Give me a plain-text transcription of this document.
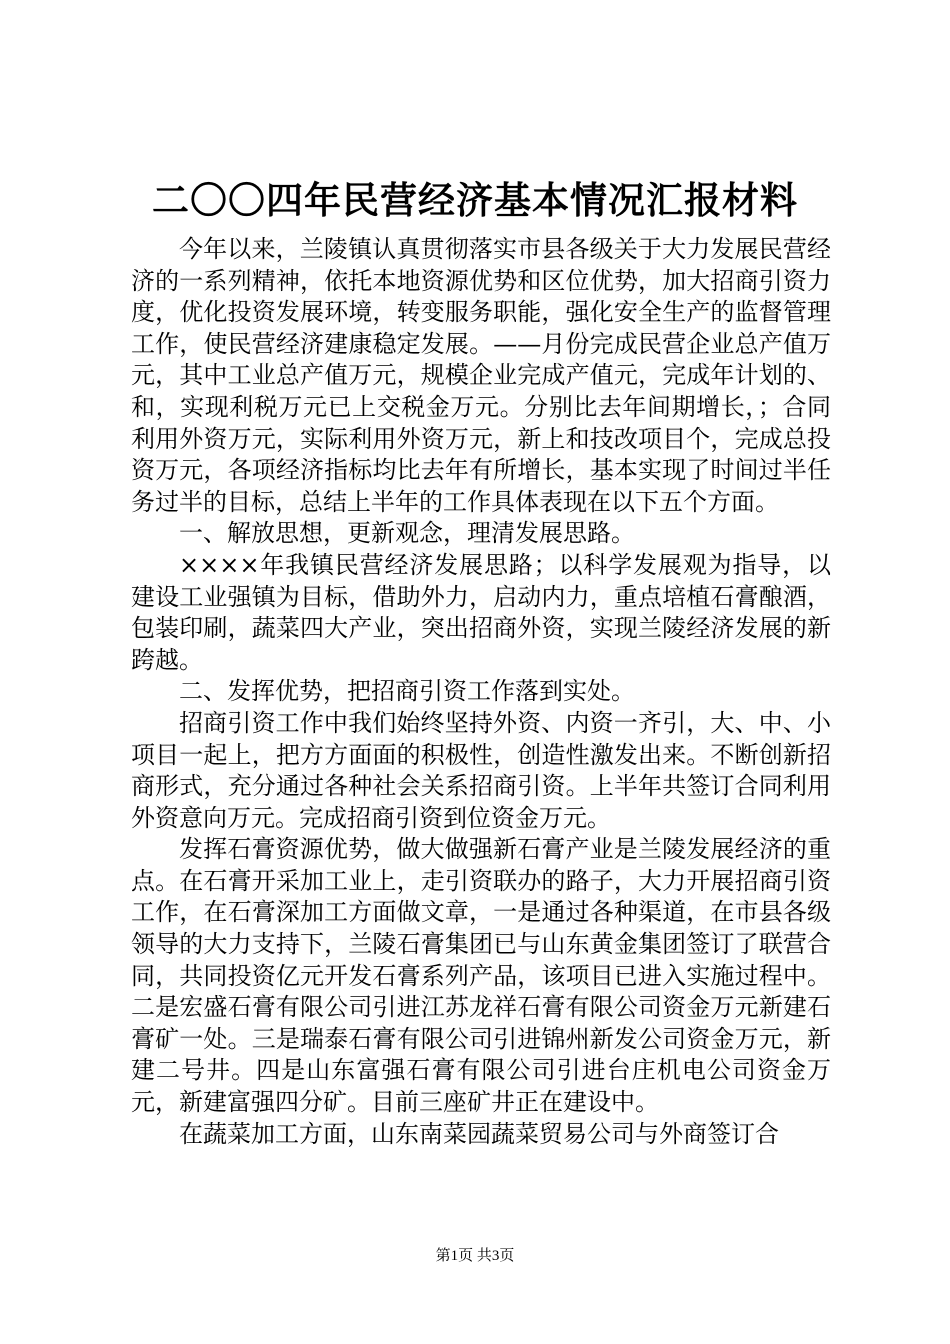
二〇〇四年民营经济基本情况汇报材料

今年以来，兰陵镇认真贯彻落实市县各级关于大力发展民营经济的一系列精神，依托本地资源优势和区位优势，加大招商引资力度，优化投资发展环境，转变服务职能，强化安全生产的监督管理工作，使民营经济建康稳定发展。——月份完成民营企业总产值万元，其中工业总产值万元，规模企业完成产值元，完成年计划的、和，实现利税万元已上交税金万元。分别比去年间期增长，；合同利用外资万元，实际利用外资万元，新上和技改项目个，完成总投资万元，各项经济指标均比去年有所增长，基本实现了时间过半任务过半的目标，总结上半年的工作具体表现在以下五个方面。

一、解放思想，更新观念，理清发展思路。

××××年我镇民营经济发展思路；以科学发展观为指导，以建设工业强镇为目标，借助外力，启动内力，重点培植石膏酿酒，包装印刷，蔬菜四大产业，突出招商外资，实现兰陵经济发展的新跨越。

二、发挥优势，把招商引资工作落到实处。

招商引资工作中我们始终坚持外资、内资一齐引，大、中、小项目一起上，把方方面面的积极性，创造性激发出来。不断创新招商形式，充分通过各种社会关系招商引资。上半年共签订合同利用外资意向万元。完成招商引资到位资金万元。

发挥石膏资源优势，做大做强新石膏产业是兰陵发展经济的重点。在石膏开采加工业上，走引资联办的路子，大力开展招商引资工作，在石膏深加工方面做文章，一是通过各种渠道，在市县各级领导的大力支持下，兰陵石膏集团已与山东黄金集团签订了联营合同，共同投资亿元开发石膏系列产品，该项目已进入实施过程中。二是宏盛石膏有限公司引进江苏龙祥石膏有限公司资金万元新建石膏矿一处。三是瑞泰石膏有限公司引进锦州新发公司资金万元，新建二号井。四是山东富强石膏有限公司引进台庄机电公司资金万元，新建富强四分矿。目前三座矿井正在建设中。

在蔬菜加工方面，山东南菜园蔬菜贸易公司与外商签订合

第1页 共3页
